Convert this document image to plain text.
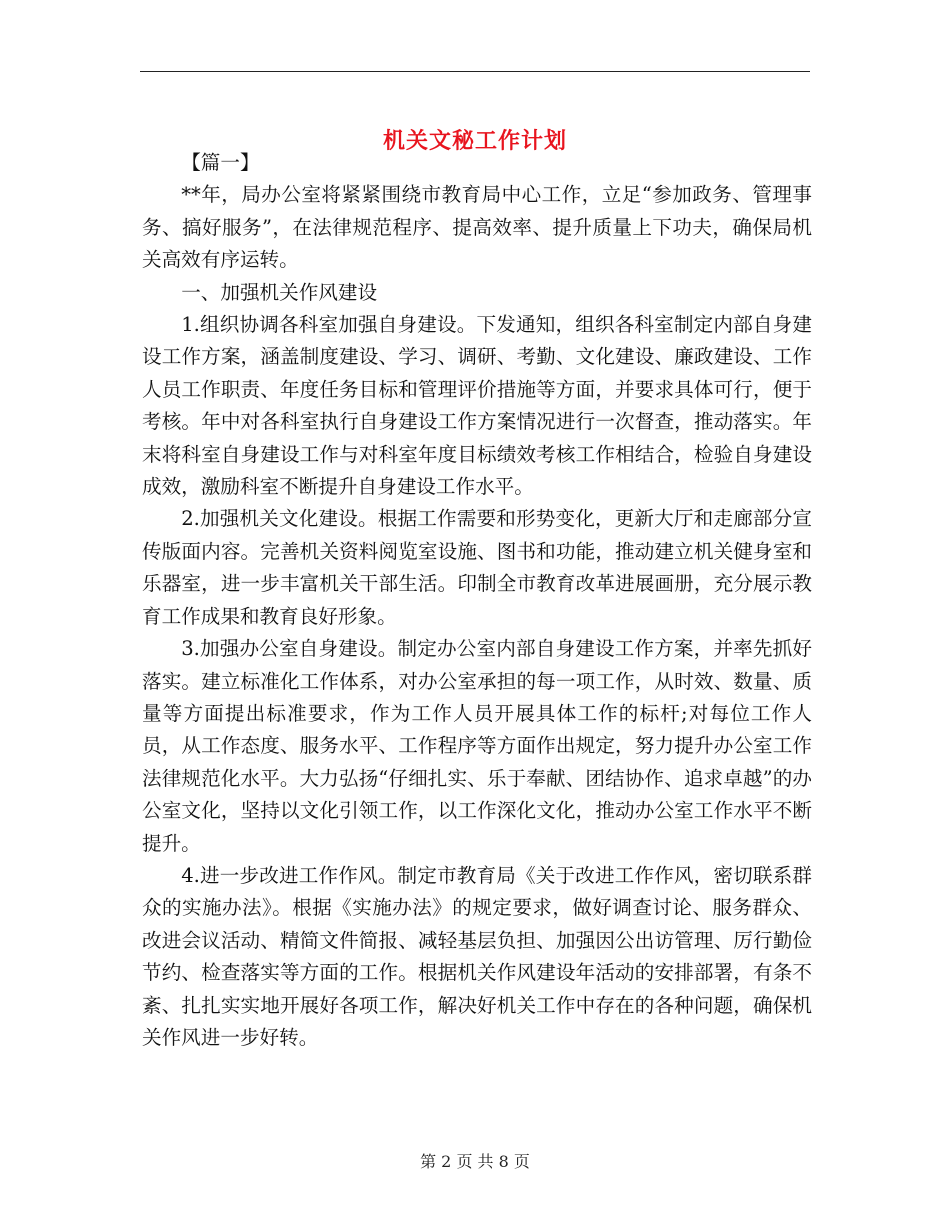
机关文秘工作计划

【篇一】

**年，局办公室将紧紧围绕市教育局中心工作，立足“参加政务、管理事务、搞好服务”，在法律规范程序、提高效率、提升质量上下功夫，确保局机关高效有序运转。

一、加强机关作风建设

1.组织协调各科室加强自身建设。下发通知，组织各科室制定内部自身建设工作方案，涵盖制度建设、学习、调研、考勤、文化建设、廉政建设、工作人员工作职责、年度任务目标和管理评价措施等方面，并要求具体可行，便于考核。年中对各科室执行自身建设工作方案情况进行一次督查，推动落实。年末将科室自身建设工作与对科室年度目标绩效考核工作相结合，检验自身建设成效，激励科室不断提升自身建设工作水平。

2.加强机关文化建设。根据工作需要和形势变化，更新大厅和走廊部分宣传版面内容。完善机关资料阅览室设施、图书和功能，推动建立机关健身室和乐器室，进一步丰富机关干部生活。印制全市教育改革进展画册，充分展示教育工作成果和教育良好形象。

3.加强办公室自身建设。制定办公室内部自身建设工作方案，并率先抓好落实。建立标准化工作体系，对办公室承担的每一项工作，从时效、数量、质量等方面提出标准要求，作为工作人员开展具体工作的标杆;对每位工作人员，从工作态度、服务水平、工作程序等方面作出规定，努力提升办公室工作法律规范化水平。大力弘扬“仔细扎实、乐于奉献、团结协作、追求卓越”的办公室文化，坚持以文化引领工作，以工作深化文化，推动办公室工作水平不断提升。

4.进一步改进工作作风。制定市教育局《关于改进工作作风，密切联系群众的实施办法》。根据《实施办法》的规定要求，做好调查讨论、服务群众、改进会议活动、精简文件简报、减轻基层负担、加强因公出访管理、厉行勤俭节约、检查落实等方面的工作。根据机关作风建设年活动的安排部署，有条不紊、扎扎实实地开展好各项工作，解决好机关工作中存在的各种问题，确保机关作风进一步好转。

第 2 页 共 8 页
